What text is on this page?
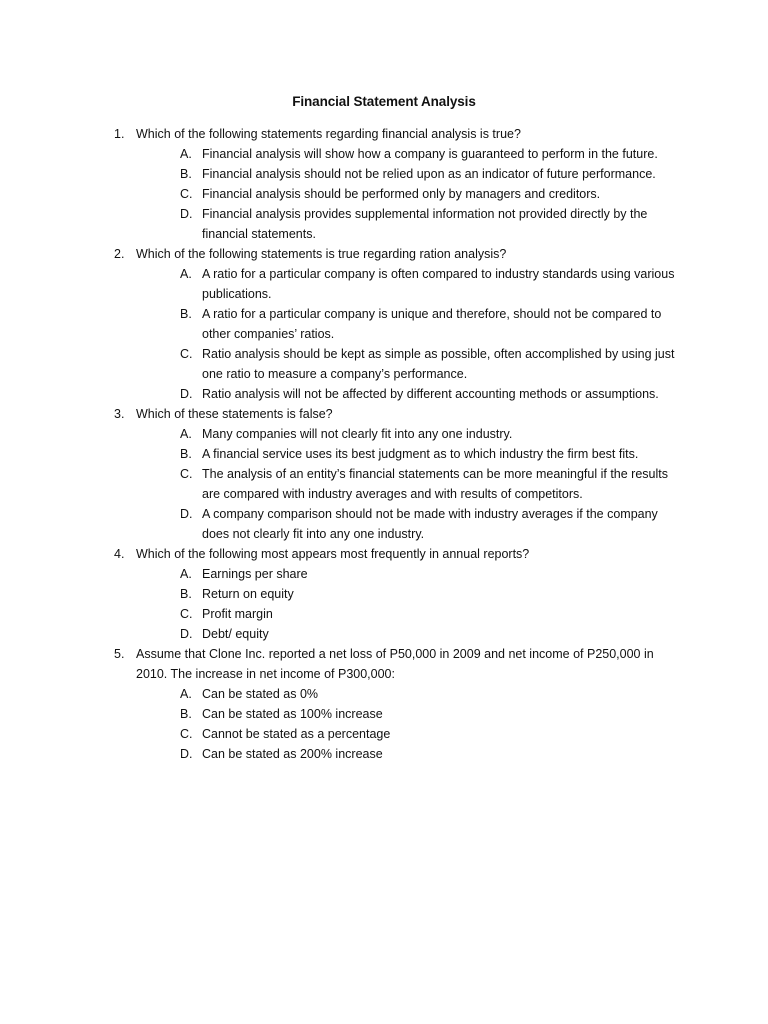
Financial Statement Analysis
1. Which of the following statements regarding financial analysis is true?
A. Financial analysis will show how a company is guaranteed to perform in the future.
B. Financial analysis should not be relied upon as an indicator of future performance.
C. Financial analysis should be performed only by managers and creditors.
D. Financial analysis provides supplemental information not provided directly by the financial statements.
2. Which of the following statements is true regarding ration analysis?
A. A ratio for a particular company is often compared to industry standards using various publications.
B. A ratio for a particular company is unique and therefore, should not be compared to other companies’ ratios.
C. Ratio analysis should be kept as simple as possible, often accomplished by using just one ratio to measure a company’s performance.
D. Ratio analysis will not be affected by different accounting methods or assumptions.
3. Which of these statements is false?
A. Many companies will not clearly fit into any one industry.
B. A financial service uses its best judgment as to which industry the firm best fits.
C. The analysis of an entity’s financial statements can be more meaningful if the results are compared with industry averages and with results of competitors.
D. A company comparison should not be made with industry averages if the company does not clearly fit into any one industry.
4. Which of the following most appears most frequently in annual reports?
A. Earnings per share
B. Return on equity
C. Profit margin
D. Debt/ equity
5. Assume that Clone Inc. reported a net loss of P50,000 in 2009 and net income of P250,000 in 2010. The increase in net income of P300,000:
A. Can be stated as 0%
B. Can be stated as 100% increase
C. Cannot be stated as a percentage
D. Can be stated as 200% increase
